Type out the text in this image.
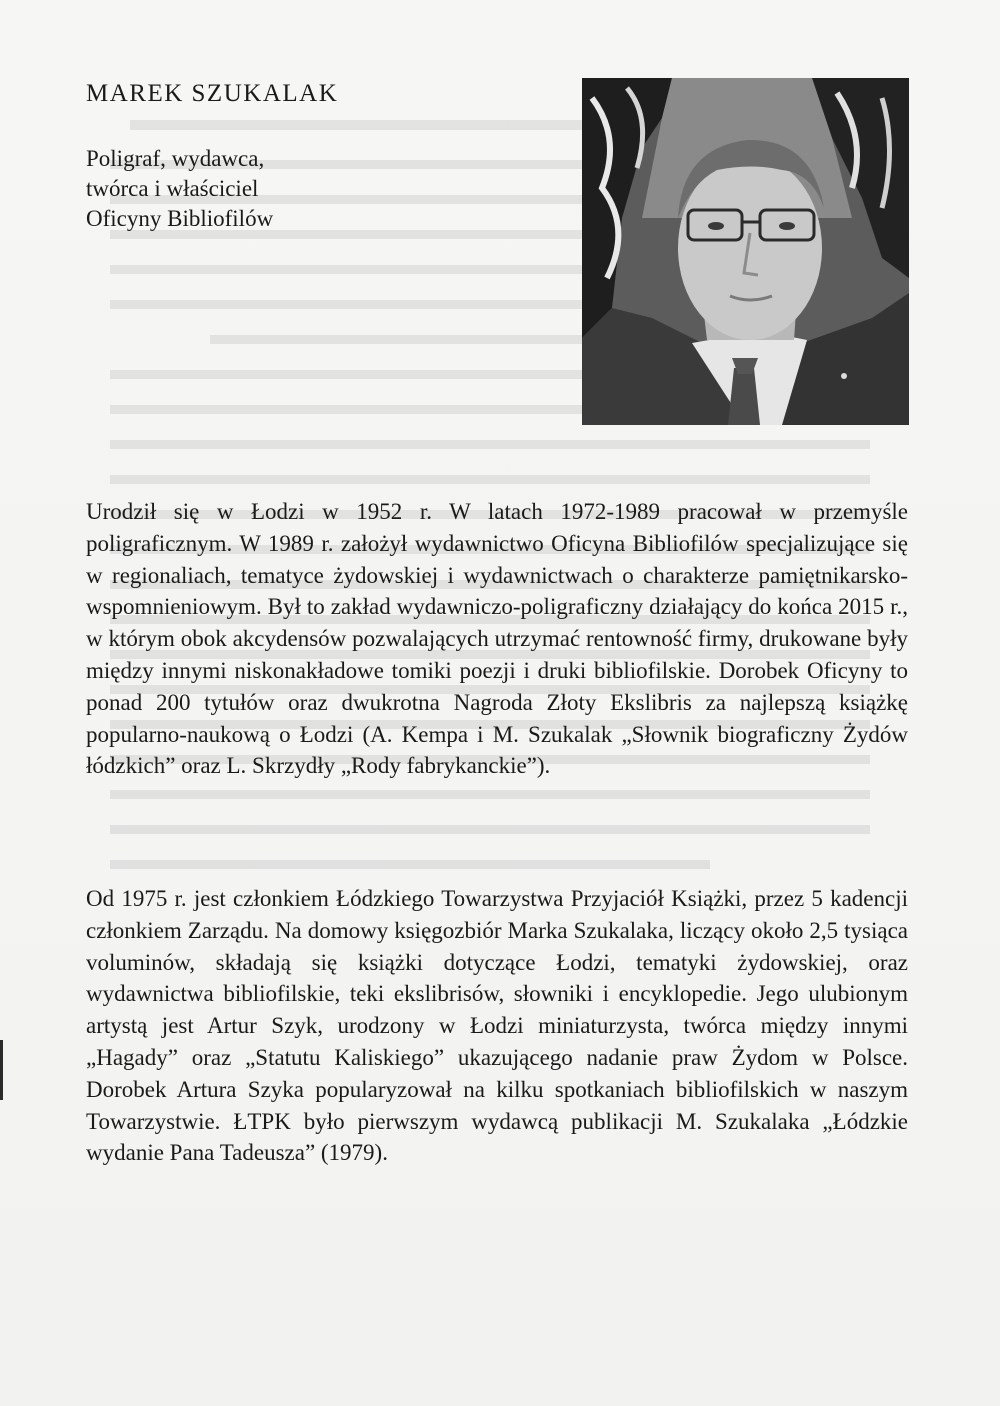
MAREK SZUKALAK

Poligraf, wydawca,
twórca i właściciel
Oficyny Bibliofilów

Urodził się w Łodzi w 1952 r. W latach 1972-1989 pracował w przemyśle poligraficznym. W 1989 r. założył wydawnictwo Oficyna Bibliofilów specjalizujące się w regionaliach, tematyce żydowskiej i wydawnictwach o charakterze pamiętnikarsko-wspomnieniowym. Był to zakład wydawniczo-poligraficzny działający do końca 2015 r., w którym obok akcydensów pozwalających utrzymać rentowność firmy, drukowane były między innymi niskonakładowe tomiki poezji i druki bibliofilskie. Dorobek Oficyny to ponad 200 tytułów oraz dwukrotna Nagroda Złoty Ekslibris za najlepszą książkę popularno-naukową o Łodzi (A. Kempa i M. Szukalak „Słownik biograficzny Żydów łódzkich” oraz L. Skrzydły „Rody fabrykanckie”).

Od 1975 r. jest członkiem Łódzkiego Towarzystwa Przyjaciół Książki, przez 5 kadencji członkiem Zarządu. Na domowy księgozbiór Marka Szukalaka, liczący około 2,5 tysiąca voluminów, składają się książki dotyczące Łodzi, tematyki żydowskiej, oraz wydawnictwa bibliofilskie, teki ekslibrisów, słowniki i encyklopedie. Jego ulubionym artystą jest Artur Szyk, urodzony w Łodzi miniaturzysta, twórca między innymi „Hagady” oraz „Statutu Kaliskiego” ukazującego nadanie praw Żydom w Polsce. Dorobek Artura Szyka popularyzował na kilku spotkaniach bibliofilskich w naszym Towarzystwie. ŁTPK było pierwszym wydawcą publikacji M. Szukalaka „Łódzkie wydanie Pana Tadeusza” (1979).
